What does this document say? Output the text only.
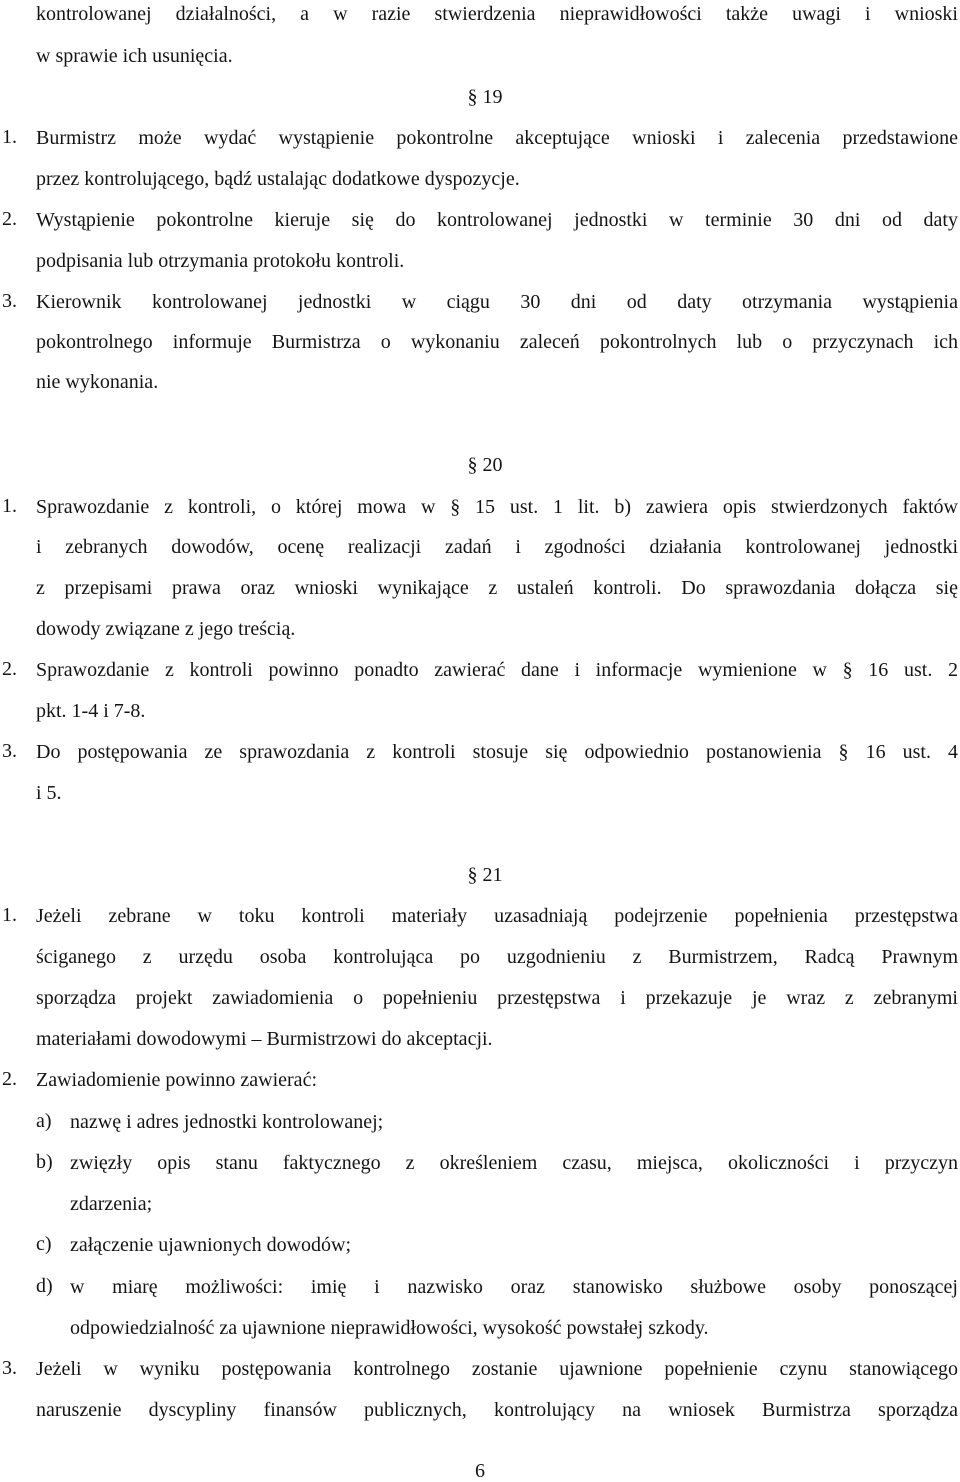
kontrolowanej działalności, a w razie stwierdzenia nieprawidłowości także uwagi i wnioski
w sprawie ich usunięcia.
§ 19
1. Burmistrz może wydać wystąpienie pokontrolne akceptujące wnioski i zalecenia przedstawione
przez kontrolującego, bądź ustalając dodatkowe dyspozycje.
2. Wystąpienie pokontrolne kieruje się do kontrolowanej jednostki w terminie 30 dni od daty
podpisania lub otrzymania protokołu kontroli.
3. Kierownik kontrolowanej jednostki w ciągu 30 dni od daty otrzymania wystąpienia
pokontrolnego informuje Burmistrza o wykonaniu zaleceń pokontrolnych lub o przyczynach ich
nie wykonania.
§ 20
1. Sprawozdanie z kontroli, o której mowa w § 15 ust. 1 lit. b) zawiera opis stwierdzonych faktów
i zebranych dowodów, ocenę realizacji zadań i zgodności działania kontrolowanej jednostki
z przepisami prawa oraz wnioski wynikające z ustaleń kontroli. Do sprawozdania dołącza się
dowody związane z jego treścią.
2. Sprawozdanie z kontroli powinno ponadto zawierać dane i informacje wymienione w § 16 ust. 2
pkt. 1-4 i 7-8.
3. Do postępowania ze sprawozdania z kontroli stosuje się odpowiednio postanowienia § 16 ust. 4
i 5.
§ 21
1. Jeżeli zebrane w toku kontroli materiały uzasadniają podejrzenie popełnienia przestępstwa
ściganego z urzędu osoba kontrolująca po uzgodnieniu z Burmistrzem, Radcą Prawnym
sporządza projekt zawiadomienia o popełnieniu przestępstwa i przekazuje je wraz z zebranymi
materiałami dowodowymi – Burmistrzowi do akceptacji.
2. Zawiadomienie powinno zawierać:
a) nazwę i adres jednostki kontrolowanej;
b) zwięzły opis stanu faktycznego z określeniem czasu, miejsca, okoliczności i przyczyn
zdarzenia;
c) załączenie ujawnionych dowodów;
d) w miarę możliwości: imię i nazwisko oraz stanowisko służbowe osoby ponoszącej
odpowiedzialność za ujawnione nieprawidłowości, wysokość powstałej szkody.
3. Jeżeli w wyniku postępowania kontrolnego zostanie ujawnione popełnienie czynu stanowiącego
naruszenie dyscypliny finansów publicznych, kontrolujący na wniosek Burmistrza sporządza
6
